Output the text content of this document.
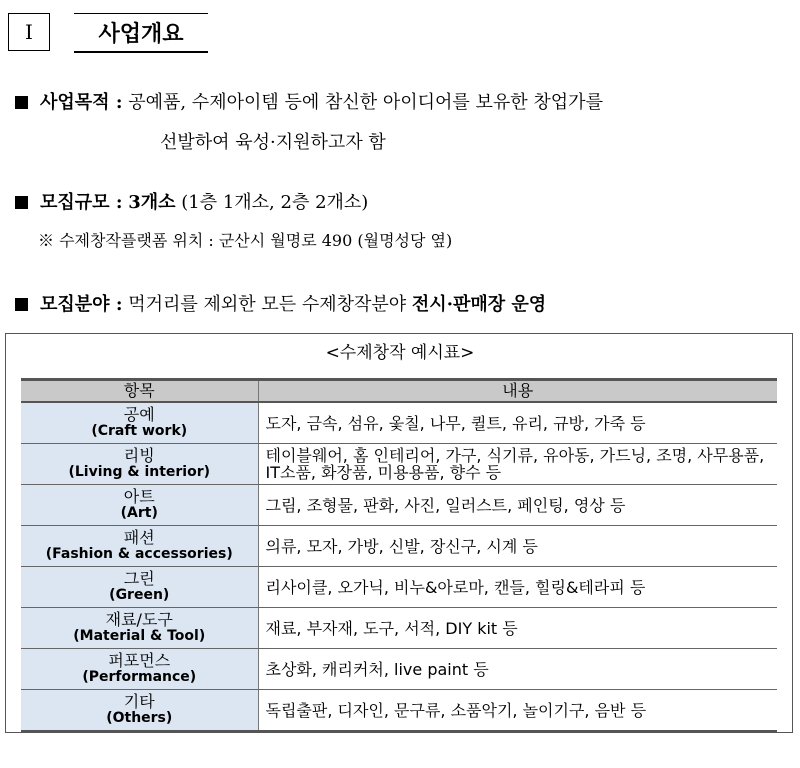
Ⅰ	사업개요
사업목적 : 공예품, 수제아이템 등에 참신한 아이디어를 보유한 창업가를
선발하여 육성·지원하고자 함
모집규모 : 3개소 (1층 1개소, 2층 2개소)
※ 수제창작플랫폼 위치 : 군산시 월명로 490 (월명성당 옆)
모집분야 : 먹거리를 제외한 모든 수제창작분야 전시·판매장 운영
<수제창작 예시표>
항목	내용

공예
(Craft work)	도자, 금속, 섬유, 옻칠, 나무, 퀼트, 유리, 규방, 가죽 등

리빙
(Living & interior)	테이블웨어, 홈 인테리어, 가구, 식기류, 유아동, 가드닝, 조명, 사무용품, IT소품, 화장품, 미용용품, 향수 등

아트
(Art)	그림, 조형물, 판화, 사진, 일러스트, 페인팅, 영상 등

패션
(Fashion & accessories)	의류, 모자, 가방, 신발, 장신구, 시계 등

그린
(Green)	리사이클, 오가닉, 비누&아로마, 캔들, 힐링&테라피 등

재료/도구
(Material & Tool)	재료, 부자재, 도구, 서적, DIY kit 등

퍼포먼스
(Performance)	초상화, 캐리커처, live paint 등

기타
(Others)	독립출판, 디자인, 문구류, 소품악기, 놀이기구, 음반 등
